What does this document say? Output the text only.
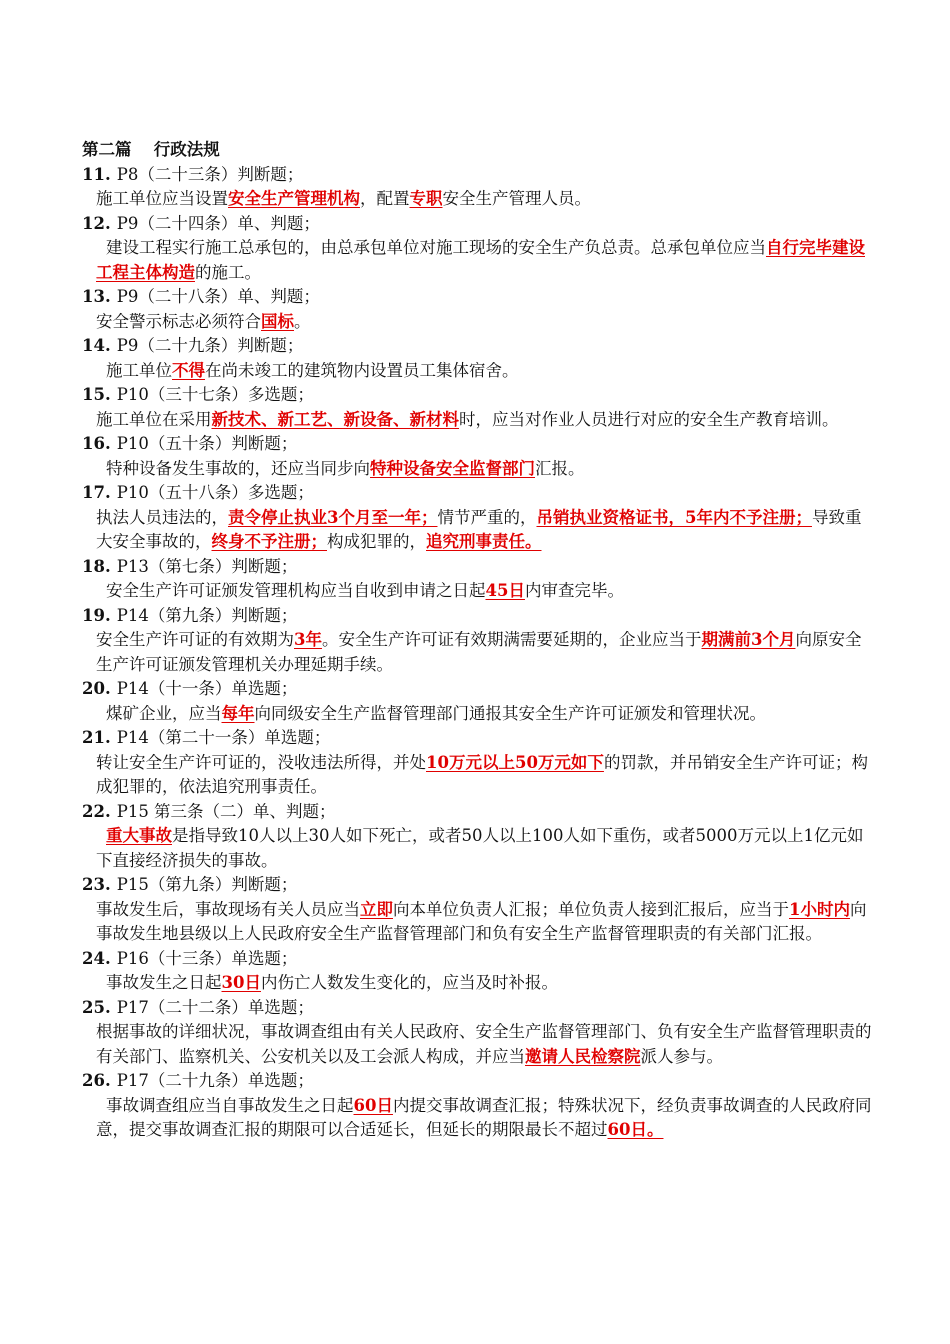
第二篇　 行政法规
11. P8（二十三条）判断题；
施工单位应当设置安全生产管理机构，配置专职安全生产管理人员。
12. P9（二十四条）单、判题；
建设工程实行施工总承包的，由总承包单位对施工现场的安全生产负总责。总承包单位应当自行完毕建设工程主体构造的施工。
13. P9（二十八条）单、判题；
安全警示标志必须符合国标。
14. P9（二十九条）判断题；
施工单位不得在尚未竣工的建筑物内设置员工集体宿舍。
15. P10（三十七条）多选题；
施工单位在采用新技术、新工艺、新设备、新材料时，应当对作业人员进行对应的安全生产教育培训。
16. P10（五十条）判断题；
特种设备发生事故的，还应当同步向特种设备安全监督部门汇报。
17. P10（五十八条）多选题；
执法人员违法的，责令停止执业3个月至一年；情节严重的，吊销执业资格证书，5年内不予注册；导致重大安全事故的，终身不予注册；构成犯罪的，追究刑事责任。
18. P13（第七条）判断题；
安全生产许可证颁发管理机构应当自收到申请之日起45日内审查完毕。
19. P14（第九条）判断题；
安全生产许可证的有效期为3年。安全生产许可证有效期满需要延期的，企业应当于期满前3个月向原安全生产许可证颁发管理机关办理延期手续。
20. P14（十一条）单选题；
煤矿企业，应当每年向同级安全生产监督管理部门通报其安全生产许可证颁发和管理状况。
21. P14（第二十一条）单选题；
转让安全生产许可证的，没收违法所得，并处10万元以上50万元如下的罚款，并吊销安全生产许可证；构成犯罪的，依法追究刑事责任。
22. P15 第三条（二）单、判题；
重大事故是指导致10人以上30人如下死亡，或者50人以上100人如下重伤，或者5000万元以上1亿元如下直接经济损失的事故。
23. P15（第九条）判断题；
事故发生后，事故现场有关人员应当立即向本单位负责人汇报；单位负责人接到汇报后，应当于1小时内向事故发生地县级以上人民政府安全生产监督管理部门和负有安全生产监督管理职责的有关部门汇报。
24. P16（十三条）单选题；
事故发生之日起30日内伤亡人数发生变化的，应当及时补报。
25. P17（二十二条）单选题；
根据事故的详细状况，事故调查组由有关人民政府、安全生产监督管理部门、负有安全生产监督管理职责的有关部门、监察机关、公安机关以及工会派人构成，并应当邀请人民检察院派人参与。
26. P17（二十九条）单选题；
事故调查组应当自事故发生之日起60日内提交事故调查汇报；特殊状况下，经负责事故调查的人民政府同意，提交事故调查汇报的期限可以合适延长，但延长的期限最长不超过60日。
